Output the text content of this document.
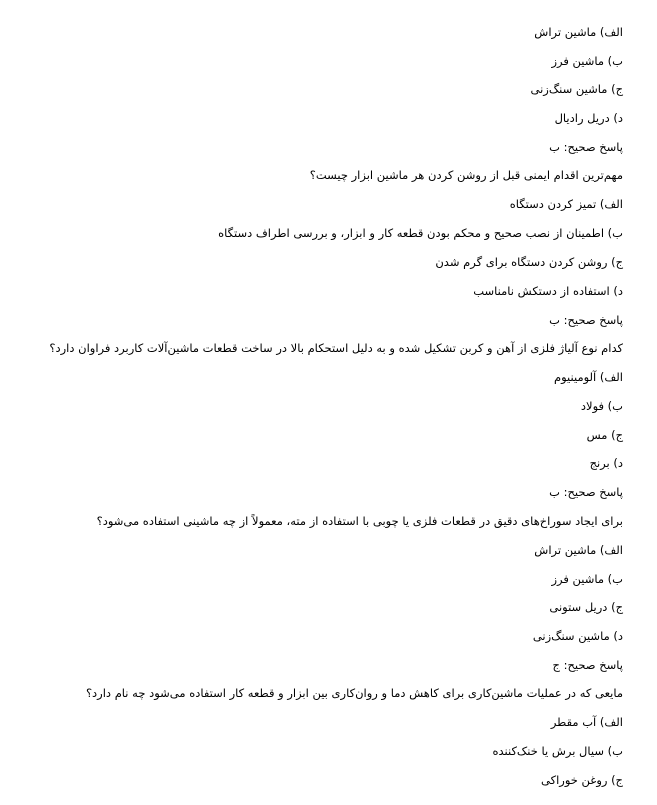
الف) ماشین تراش
ب) ماشین فرز
ج) ماشین سنگ‌زنی
د) دریل رادیال
پاسخ صحیح: ب
مهم‌ترین اقدام ایمنی قبل از روشن کردن هر ماشین ابزار چیست؟
الف) تمیز کردن دستگاه
ب) اطمینان از نصب صحیح و محکم بودن قطعه کار و ابزار، و بررسی اطراف دستگاه
ج) روشن کردن دستگاه برای گرم شدن
د) استفاده از دستکش نامناسب
پاسخ صحیح: ب
کدام نوع آلیاژ فلزی از آهن و کربن تشکیل شده و به دلیل استحکام بالا در ساخت قطعات ماشین‌آلات کاربرد فراوان دارد؟
الف) آلومینیوم
ب) فولاد
ج) مس
د) برنج
پاسخ صحیح: ب
برای ایجاد سوراخ‌های دقیق در قطعات فلزی یا چوبی با استفاده از مته، معمولاً از چه ماشینی استفاده می‌شود؟
الف) ماشین تراش
ب) ماشین فرز
ج) دریل ستونی
د) ماشین سنگ‌زنی
پاسخ صحیح: ج
مایعی که در عملیات ماشین‌کاری برای کاهش دما و روان‌کاری بین ابزار و قطعه کار استفاده می‌شود چه نام دارد؟
الف) آب مقطر
ب) سیال برش یا خنک‌کننده
ج) روغن خوراکی
